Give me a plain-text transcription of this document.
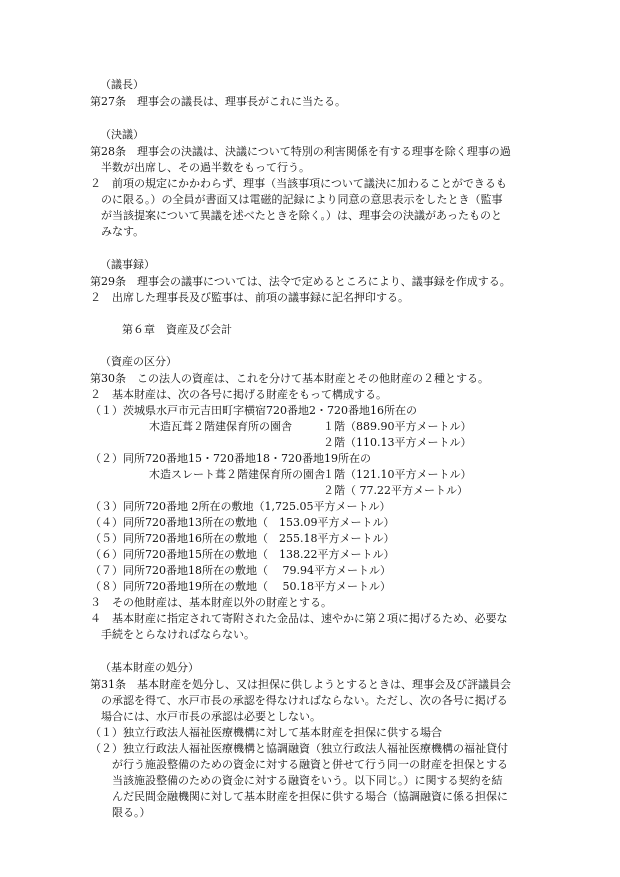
（議長）
第27条　理事会の議長は、理事長がこれに当たる。
（決議）
第28条　理事会の決議は、決議について特別の利害関係を有する理事を除く理事の過
半数が出席し、その過半数をもって行う。
２　前項の規定にかかわらず、理事（当該事項について議決に加わることができるも
のに限る。）の全員が書面又は電磁的記録により同意の意思表示をしたとき（監事
が当該提案について異議を述べたときを除く。）は、理事会の決議があったものと
みなす。
（議事録）
第29条　理事会の議事については、法令で定めるところにより、議事録を作成する。
２　出席した理事長及び監事は、前項の議事録に記名押印する。
第６章　資産及び会計
（資産の区分）
第30条　この法人の資産は、これを分けて基本財産とその他財産の２種とする。
２　基本財産は、次の各号に掲げる財産をもって構成する。
（１）茨城県水戸市元吉田町字横宿720番地2・720番地16所在の
木造瓦葺２階建保育所の園舎	１階（889.90平方メートル）
２階（110.13平方メートル）
（２）同所720番地15・720番地18・720番地19所在の
木造スレート葺２階建保育所の園舎
１階（121.10平方メートル）
２階（ 77.22平方メートル）
（３）同所720番地 2所在の敷地（1,725.05平方メートル）
（４）同所720番地13所在の敷地（　153.09平方メートル）
（５）同所720番地16所在の敷地（　255.18平方メートル）
（６）同所720番地15所在の敷地（　138.22平方メートル）
（７）同所720番地18所在の敷地（　 79.94平方メートル）
（８）同所720番地19所在の敷地（　 50.18平方メートル）
３　その他財産は、基本財産以外の財産とする。
４　基本財産に指定されて寄附された金品は、速やかに第２項に掲げるため、必要な
手続をとらなければならない。
（基本財産の処分）
第31条　基本財産を処分し、又は担保に供しようとするときは、理事会及び評議員会
の承認を得て、水戸市長の承認を得なければならない。ただし、次の各号に掲げる
場合には、水戸市長の承認は必要としない。
（１）独立行政法人福祉医療機構に対して基本財産を担保に供する場合
（２）独立行政法人福祉医療機構と協調融資（独立行政法人福祉医療機構の福祉貸付
が行う施設整備のための資金に対する融資と併せて行う同一の財産を担保とする
当該施設整備のための資金に対する融資をいう。以下同じ。）に関する契約を結
んだ民間金融機関に対して基本財産を担保に供する場合（協調融資に係る担保に
限る。）
